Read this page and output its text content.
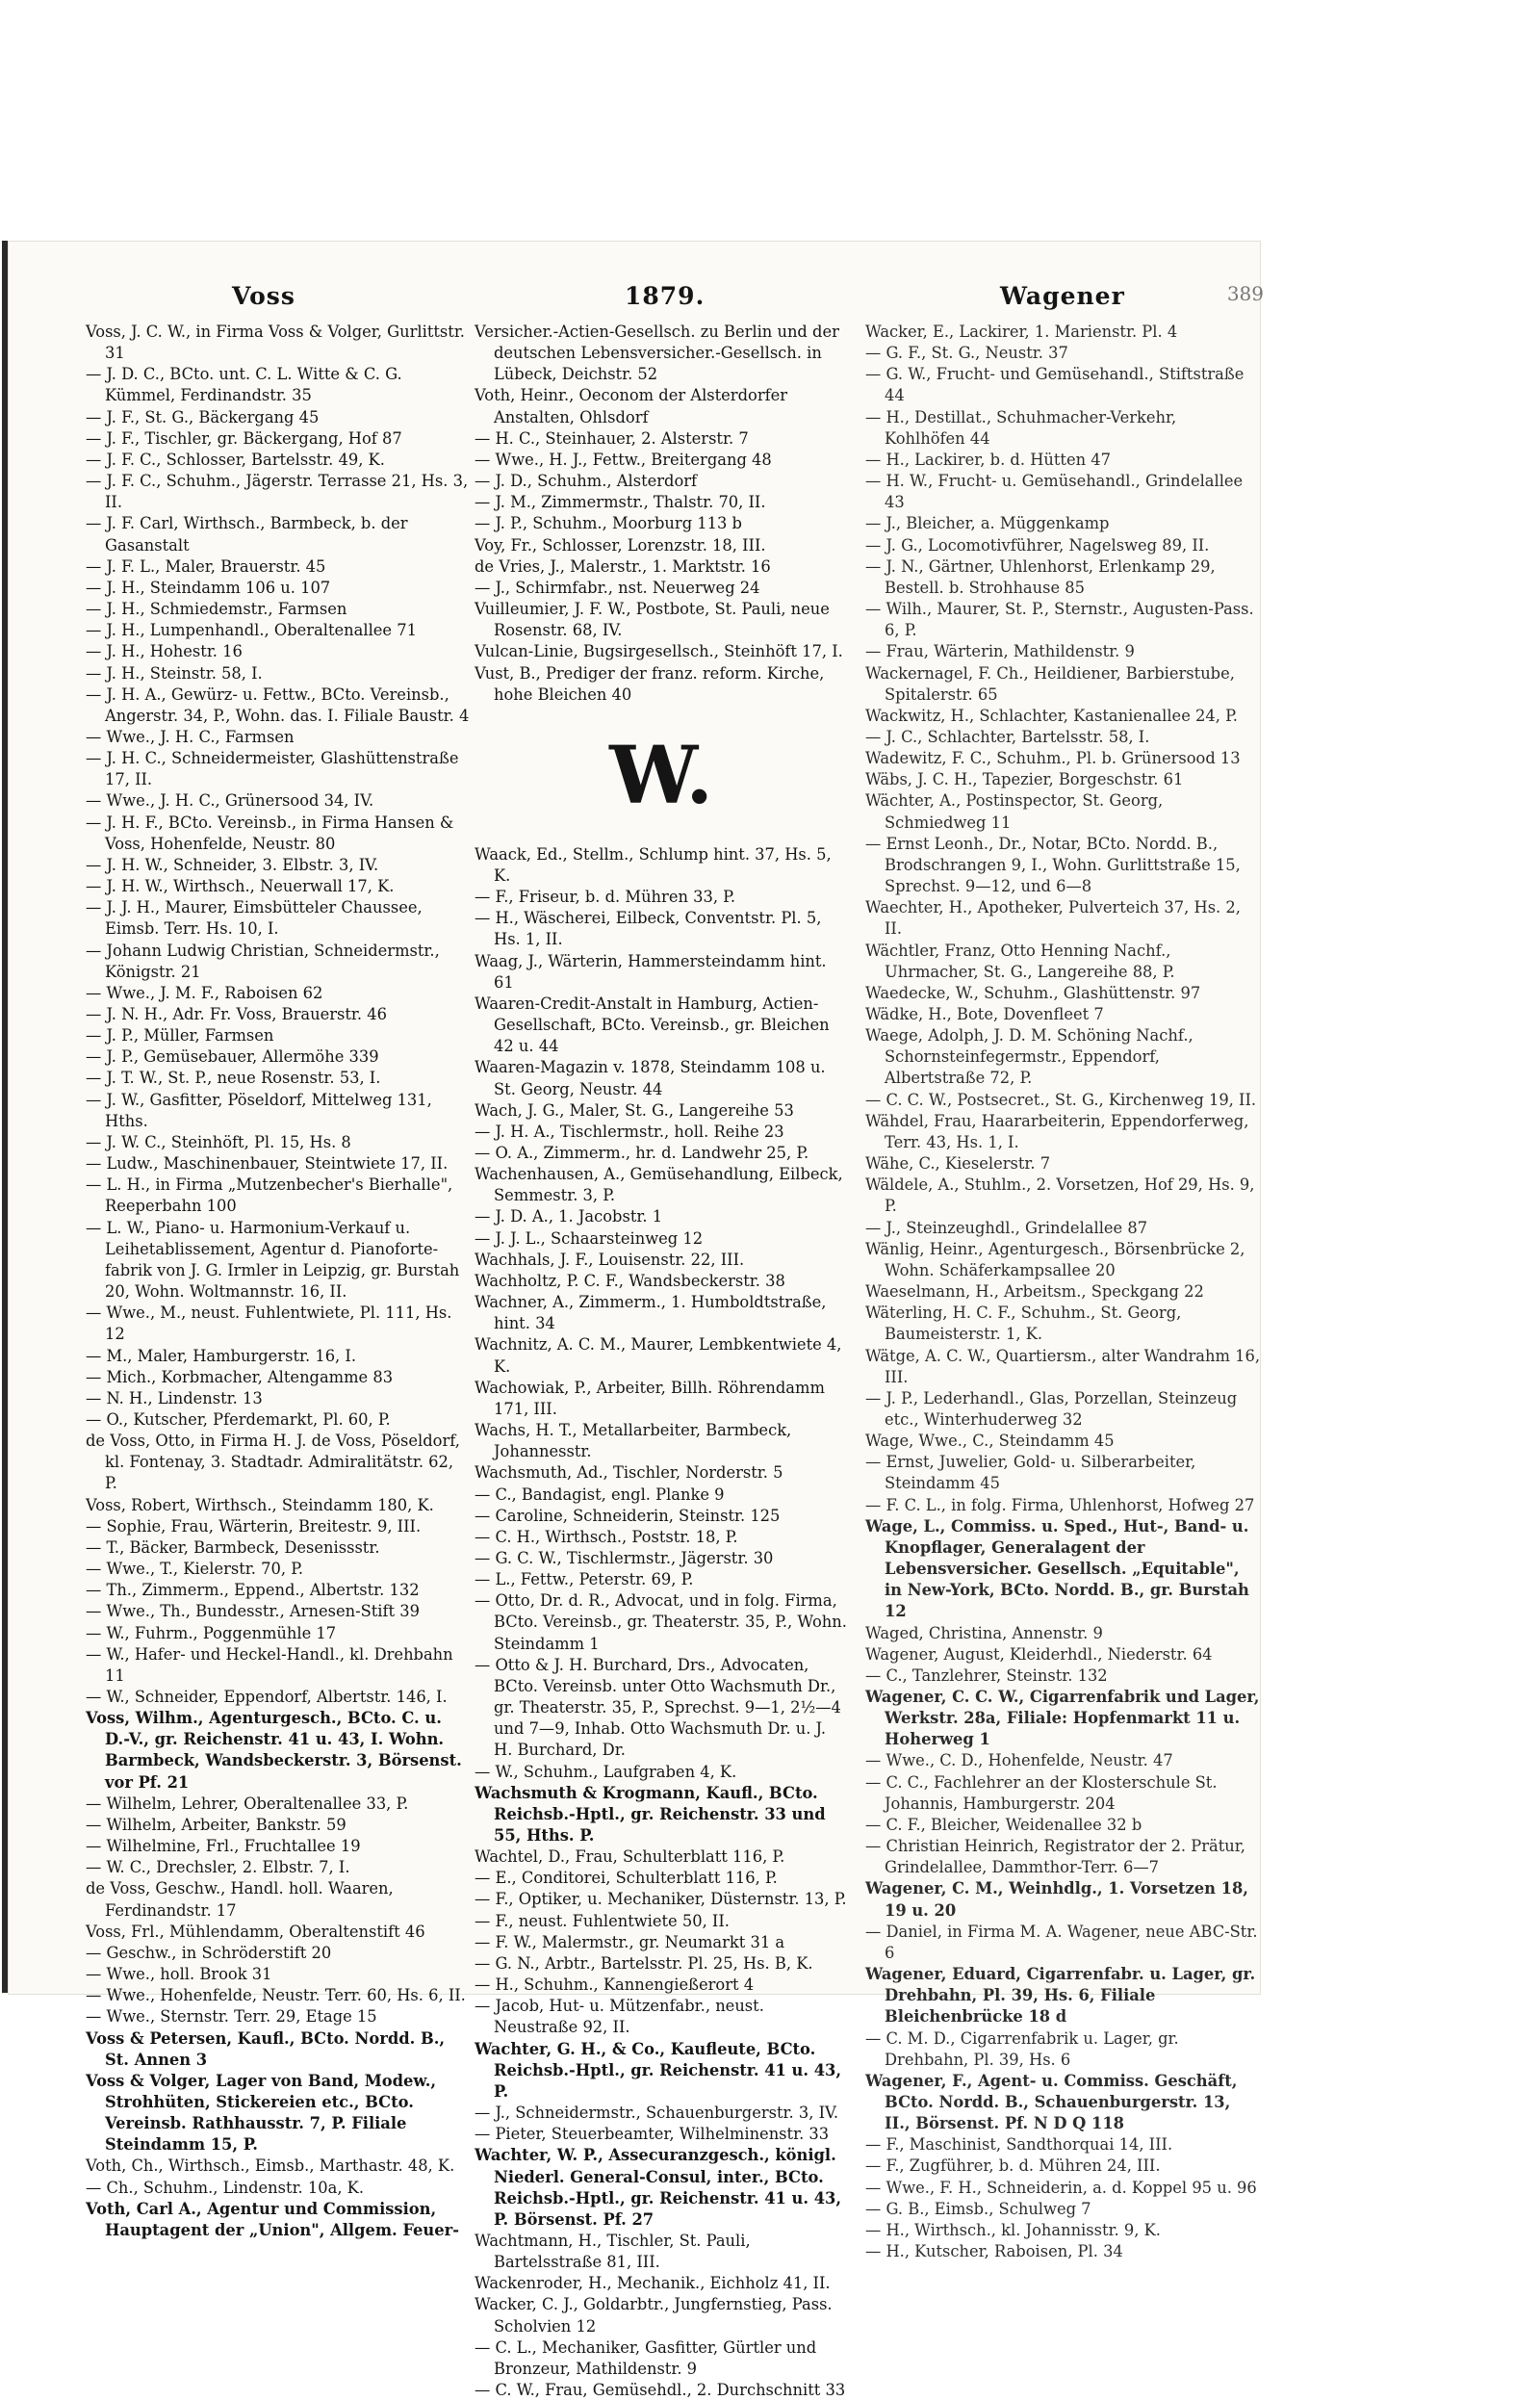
Voss	1879.	Wagener	389

Voss, J. C. W., in Firma Voss & Volger, Gurlittstr. 31

— J. D. C., BCto. unt. C. L. Witte & C. G. Kümmel, Ferdinandstr. 35

— J. F., St. G., Bäckergang 45

— J. F., Tischler, gr. Bäckergang, Hof 87

— J. F. C., Schlosser, Bartelsstr. 49, K.

— J. F. C., Schuhm., Jägerstr. Terrasse 21, Hs. 3, II.

— J. F. Carl, Wirthsch., Barmbeck, b. der Gasanstalt

— J. F. L., Maler, Brauerstr. 45

— J. H., Steindamm 106 u. 107

— J. H., Schmiedemstr., Farmsen

— J. H., Lumpenhandl., Oberaltenallee 71

— J. H., Hohestr. 16

— J. H., Steinstr. 58, I.

— J. H. A., Gewürz- u. Fettw., BCto. Vereinsb., Angerstr. 34, P., Wohn. das. I. Filiale Baustr. 4

— Wwe., J. H. C., Farmsen

— J. H. C., Schneidermeister, Glashüttenstraße 17, II.

— Wwe., J. H. C., Grünersood 34, IV.

— J. H. F., BCto. Vereinsb., in Firma Hansen & Voss, Hohenfelde, Neustr. 80

— J. H. W., Schneider, 3. Elbstr. 3, IV.

— J. H. W., Wirthsch., Neuerwall 17, K.

— J. J. H., Maurer, Eimsbütteler Chaussee, Eimsb. Terr. Hs. 10, I.

— Johann Ludwig Christian, Schneidermstr., Königstr. 21

— Wwe., J. M. F., Raboisen 62

— J. N. H., Adr. Fr. Voss, Brauerstr. 46

— J. P., Müller, Farmsen

— J. P., Gemüsebauer, Allermöhe 339

— J. T. W., St. P., neue Rosenstr. 53, I.

— J. W., Gasfitter, Pöseldorf, Mittelweg 131, Hths.

— J. W. C., Steinhöft, Pl. 15, Hs. 8

— Ludw., Maschinenbauer, Steintwiete 17, II.

— L. H., in Firma „Mutzenbecher's Bierhalle", Reeperbahn 100

— L. W., Piano- u. Harmonium-Verkauf u. Leihetablissement, Agentur d. Pianoforte-fabrik von J. G. Irmler in Leipzig, gr. Burstah 20, Wohn. Woltmannstr. 16, II.

— Wwe., M., neust. Fuhlentwiete, Pl. 111, Hs. 12

— M., Maler, Hamburgerstr. 16, I.

— Mich., Korbmacher, Altengamme 83

— N. H., Lindenstr. 13

— O., Kutscher, Pferdemarkt, Pl. 60, P.

de Voss, Otto, in Firma H. J. de Voss, Pöseldorf, kl. Fontenay, 3. Stadtadr. Admiralitätstr. 62, P.

Voss, Robert, Wirthsch., Steindamm 180, K.

— Sophie, Frau, Wärterin, Breitestr. 9, III.

— T., Bäcker, Barmbeck, Desenissstr.

— Wwe., T., Kielerstr. 70, P.

— Th., Zimmerm., Eppend., Albertstr. 132

— Wwe., Th., Bundesstr., Arnesen-Stift 39

— W., Fuhrm., Poggenmühle 17

— W., Hafer- und Heckel-Handl., kl. Drehbahn 11

— W., Schneider, Eppendorf, Albertstr. 146, I.

Voss, Wilhm., Agenturgesch., BCto. C. u. D.-V., gr. Reichenstr. 41 u. 43, I. Wohn. Barmbeck, Wandsbeckerstr. 3, Börsenst. vor Pf. 21

— Wilhelm, Lehrer, Oberaltenallee 33, P.

— Wilhelm, Arbeiter, Bankstr. 59

— Wilhelmine, Frl., Fruchtallee 19

— W. C., Drechsler, 2. Elbstr. 7, I.

de Voss, Geschw., Handl. holl. Waaren, Ferdinandstr. 17

Voss, Frl., Mühlendamm, Oberaltenstift 46

— Geschw., in Schröderstift 20

— Wwe., holl. Brook 31

— Wwe., Hohenfelde, Neustr. Terr. 60, Hs. 6, II.

— Wwe., Sternstr. Terr. 29, Etage 15

Voss & Petersen, Kaufl., BCto. Nordd. B., St. Annen 3

Voss & Volger, Lager von Band, Modew., Strohhüten, Stickereien etc., BCto. Vereinsb. Rathhausstr. 7, P. Filiale Steindamm 15, P.

Voth, Ch., Wirthsch., Eimsb., Marthastr. 48, K.

— Ch., Schuhm., Lindenstr. 10a, K.

Voth, Carl A., Agentur und Commission, Hauptagent der „Union", Allgem. Feuer-

Versicher.-Actien-Gesellsch. zu Berlin und der deutschen Lebensversicher.-Gesellsch. in Lübeck, Deichstr. 52

Voth, Heinr., Oeconom der Alsterdorfer Anstalten, Ohlsdorf

— H. C., Steinhauer, 2. Alsterstr. 7

— Wwe., H. J., Fettw., Breitergang 48

— J. D., Schuhm., Alsterdorf

— J. M., Zimmermstr., Thalstr. 70, II.

— J. P., Schuhm., Moorburg 113 b

Voy, Fr., Schlosser, Lorenzstr. 18, III.

de Vries, J., Malerstr., 1. Marktstr. 16

— J., Schirmfabr., nst. Neuerweg 24

Vuilleumier, J. F. W., Postbote, St. Pauli, neue Rosenstr. 68, IV.

Vulcan-Linie, Bugsirgesellsch., Steinhöft 17, I.

Vust, B., Prediger der franz. reform. Kirche, hohe Bleichen 40

W.

Waack, Ed., Stellm., Schlump hint. 37, Hs. 5, K.

— F., Friseur, b. d. Mühren 33, P.

— H., Wäscherei, Eilbeck, Conventstr. Pl. 5, Hs. 1, II.

Waag, J., Wärterin, Hammersteindamm hint. 61

Waaren-Credit-Anstalt in Hamburg, Actien-Gesellschaft, BCto. Vereinsb., gr. Bleichen 42 u. 44

Waaren-Magazin v. 1878, Steindamm 108 u. St. Georg, Neustr. 44

Wach, J. G., Maler, St. G., Langereihe 53

— J. H. A., Tischlermstr., holl. Reihe 23

— O. A., Zimmerm., hr. d. Landwehr 25, P.

Wachenhausen, A., Gemüsehandlung, Eilbeck, Semmestr. 3, P.

— J. D. A., 1. Jacobstr. 1

— J. J. L., Schaarsteinweg 12

Wachhals, J. F., Louisenstr. 22, III.

Wachholtz, P. C. F., Wandsbeckerstr. 38

Wachner, A., Zimmerm., 1. Humboldtstraße, hint. 34

Wachnitz, A. C. M., Maurer, Lembkentwiete 4, K.

Wachowiak, P., Arbeiter, Billh. Röhrendamm 171, III.

Wachs, H. T., Metallarbeiter, Barmbeck, Johannesstr.

Wachsmuth, Ad., Tischler, Norderstr. 5

— C., Bandagist, engl. Planke 9

— Caroline, Schneiderin, Steinstr. 125

— C. H., Wirthsch., Poststr. 18, P.

— G. C. W., Tischlermstr., Jägerstr. 30

— L., Fettw., Peterstr. 69, P.

— Otto, Dr. d. R., Advocat, und in folg. Firma, BCto. Vereinsb., gr. Theaterstr. 35, P., Wohn. Steindamm 1

— Otto & J. H. Burchard, Drs., Advocaten, BCto. Vereinsb. unter Otto Wachsmuth Dr., gr. Theaterstr. 35, P., Sprechst. 9—1, 2½—4 und 7—9, Inhab. Otto Wachsmuth Dr. u. J. H. Burchard, Dr.

— W., Schuhm., Laufgraben 4, K.

Wachsmuth & Krogmann, Kaufl., BCto. Reichsb.-Hptl., gr. Reichenstr. 33 und 55, Hths. P.

Wachtel, D., Frau, Schulterblatt 116, P.

— E., Conditorei, Schulterblatt 116, P.

— F., Optiker, u. Mechaniker, Düsternstr. 13, P.

— F., neust. Fuhlentwiete 50, II.

— F. W., Malermstr., gr. Neumarkt 31 a

— G. N., Arbtr., Bartelsstr. Pl. 25, Hs. B, K.

— H., Schuhm., Kannengießerort 4

— Jacob, Hut- u. Mützenfabr., neust. Neustraße 92, II.

Wachter, G. H., & Co., Kaufleute, BCto. Reichsb.-Hptl., gr. Reichenstr. 41 u. 43, P.

— J., Schneidermstr., Schauenburgerstr. 3, IV.

— Pieter, Steuerbeamter, Wilhelminenstr. 33

Wachter, W. P., Assecuranzgesch., königl. Niederl. General-Consul, inter., BCto. Reichsb.-Hptl., gr. Reichenstr. 41 u. 43, P. Börsenst. Pf. 27

Wachtmann, H., Tischler, St. Pauli, Bartelsstraße 81, III.

Wackenroder, H., Mechanik., Eichholz 41, II.

Wacker, C. J., Goldarbtr., Jungfernstieg, Pass. Scholvien 12

— C. L., Mechaniker, Gasfitter, Gürtler und Bronzeur, Mathildenstr. 9

— C. W., Frau, Gemüsehdl., 2. Durchschnitt 33

Wacker, E., Lackirer, 1. Marienstr. Pl. 4

— G. F., St. G., Neustr. 37

— G. W., Frucht- und Gemüsehandl., Stiftstraße 44

— H., Destillat., Schuhmacher-Verkehr, Kohlhöfen 44

— H., Lackirer, b. d. Hütten 47

— H. W., Frucht- u. Gemüsehandl., Grindelallee 43

— J., Bleicher, a. Müggenkamp

— J. G., Locomotivführer, Nagelsweg 89, II.

— J. N., Gärtner, Uhlenhorst, Erlenkamp 29, Bestell. b. Strohhause 85

— Wilh., Maurer, St. P., Sternstr., Augusten-Pass. 6, P.

— Frau, Wärterin, Mathildenstr. 9

Wackernagel, F. Ch., Heildiener, Barbierstube, Spitalerstr. 65

Wackwitz, H., Schlachter, Kastanienallee 24, P.

— J. C., Schlachter, Bartelsstr. 58, I.

Wadewitz, F. C., Schuhm., Pl. b. Grünersood 13

Wäbs, J. C. H., Tapezier, Borgeschstr. 61

Wächter, A., Postinspector, St. Georg, Schmiedweg 11

— Ernst Leonh., Dr., Notar, BCto. Nordd. B., Brodschrangen 9, I., Wohn. Gurlittstraße 15, Sprechst. 9—12, und 6—8

Waechter, H., Apotheker, Pulverteich 37, Hs. 2, II.

Wächtler, Franz, Otto Henning Nachf., Uhrmacher, St. G., Langereihe 88, P.

Waedecke, W., Schuhm., Glashüttenstr. 97

Wädke, H., Bote, Dovenfleet 7

Waege, Adolph, J. D. M. Schöning Nachf., Schornsteinfegermstr., Eppendorf, Albertstraße 72, P.

— C. C. W., Postsecret., St. G., Kirchenweg 19, II.

Wähdel, Frau, Haararbeiterin, Eppendorferweg, Terr. 43, Hs. 1, I.

Wähe, C., Kieselerstr. 7

Wäldele, A., Stuhlm., 2. Vorsetzen, Hof 29, Hs. 9, P.

— J., Steinzeughdl., Grindelallee 87

Wänlig, Heinr., Agenturgesch., Börsenbrücke 2, Wohn. Schäferkampsallee 20

Waeselmann, H., Arbeitsm., Speckgang 22

Wäterling, H. C. F., Schuhm., St. Georg, Baumeisterstr. 1, K.

Wätge, A. C. W., Quartiersm., alter Wandrahm 16, III.

— J. P., Lederhandl., Glas, Porzellan, Steinzeug etc., Winterhuderweg 32

Wage, Wwe., C., Steindamm 45

— Ernst, Juwelier, Gold- u. Silberarbeiter, Steindamm 45

— F. C. L., in folg. Firma, Uhlenhorst, Hofweg 27

Wage, L., Commiss. u. Sped., Hut-, Band- u. Knopflager, Generalagent der Lebensversicher. Gesellsch. „Equitable", in New-York, BCto. Nordd. B., gr. Burstah 12

Waged, Christina, Annenstr. 9

Wagener, August, Kleiderhdl., Niederstr. 64

— C., Tanzlehrer, Steinstr. 132

Wagener, C. C. W., Cigarrenfabrik und Lager, Werkstr. 28a, Filiale: Hopfenmarkt 11 u. Hoherweg 1

— Wwe., C. D., Hohenfelde, Neustr. 47

— C. C., Fachlehrer an der Klosterschule St. Johannis, Hamburgerstr. 204

— C. F., Bleicher, Weidenallee 32 b

— Christian Heinrich, Registrator der 2. Prätur, Grindelallee, Dammthor-Terr. 6—7

Wagener, C. M., Weinhdlg., 1. Vorsetzen 18, 19 u. 20

— Daniel, in Firma M. A. Wagener, neue ABC-Str. 6

Wagener, Eduard, Cigarrenfabr. u. Lager, gr. Drehbahn, Pl. 39, Hs. 6, Filiale Bleichenbrücke 18 d

— C. M. D., Cigarrenfabrik u. Lager, gr. Drehbahn, Pl. 39, Hs. 6

Wagener, F., Agent- u. Commiss. Geschäft, BCto. Nordd. B., Schauenburgerstr. 13, II., Börsenst. Pf. N D Q 118

— F., Maschinist, Sandthorquai 14, III.

— F., Zugführer, b. d. Mühren 24, III.

— Wwe., F. H., Schneiderin, a. d. Koppel 95 u. 96

— G. B., Eimsb., Schulweg 7

— H., Wirthsch., kl. Johannisstr. 9, K.

— H., Kutscher, Raboisen, Pl. 34
